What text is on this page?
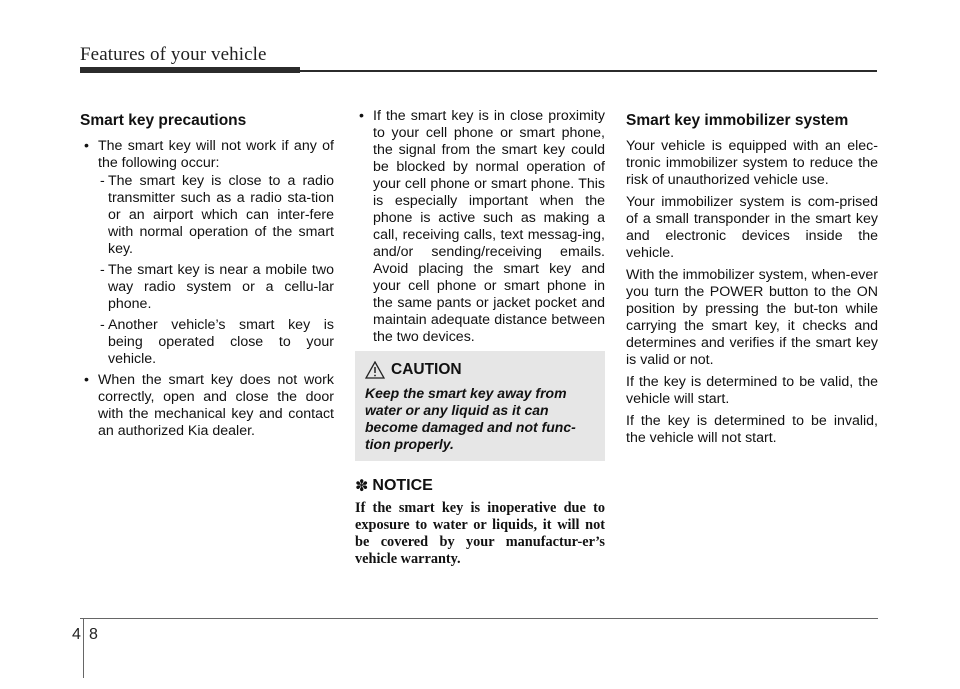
Features of your vehicle
Smart key precautions

• The smart key will not work if any of the following occur:

- The smart key is close to a radio transmitter such as a radio sta-tion or an airport which can inter-fere with normal operation of the smart key.

- The smart key is near a mobile two way radio system or a cellu-lar phone.

- Another vehicle’s smart key is being operated close to your vehicle.

• When the smart key does not work correctly, open and close the door with the mechanical key and contact an authorized Kia dealer.

• If the smart key is in close proximity to your cell phone or smart phone, the signal from the smart key could be blocked by normal operation of your cell phone or smart phone. This is especially important when the phone is active such as making a call, receiving calls, text messag-ing, and/or sending/receiving emails. Avoid placing the smart key and your cell phone or smart phone in the same pants or jacket pocket and maintain adequate distance between the two devices.

CAUTION
Keep the smart key away from water or any liquid as it can become damaged and not func-tion properly.
✽ NOTICE
If the smart key is inoperative due to exposure to water or liquids, it will not be covered by your manufactur-er’s vehicle warranty.
Smart key immobilizer system

Your vehicle is equipped with an elec-tronic immobilizer system to reduce the risk of unauthorized vehicle use.

Your immobilizer system is com-prised of a small transponder in the smart key and electronic devices inside the vehicle.

With the immobilizer system, when-ever you turn the POWER button to the ON position by pressing the but-ton while carrying the smart key, it checks and determines and verifies if the smart key is valid or not.

If the key is determined to be valid, the vehicle will start.

If the key is determined to be invalid, the vehicle will not start.

4 8
